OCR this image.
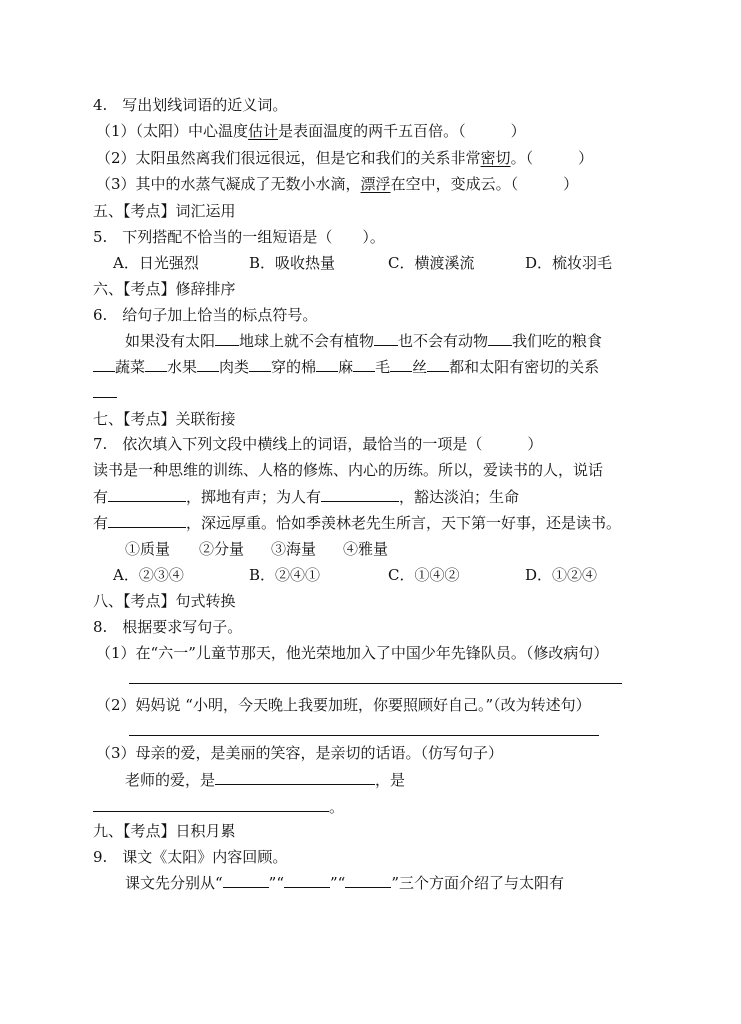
4.　写出划线词语的近义词。
（1）（太阳）中心温度估计是表面温度的两千五百倍。（　　　）
（2）太阳虽然离我们很远很远，但是它和我们的关系非常密切。（　　　）
（3）其中的水蒸气凝成了无数小水滴，漂浮在空中，变成云。（　　　）
五、【考点】词汇运用
5.　下列搭配不恰当的一组短语是（　　）。
A．日光强烈	B．吸收热量	C．横渡溪流	D．梳妆羽毛
六、【考点】修辞排序
6.　给句子加上恰当的标点符号。
如果没有太阳 地球上就不会有植物 也不会有动物 我们吃的粮食
蔬菜 水果 肉类 穿的棉 麻 毛 丝 都和太阳有密切的关系
七、【考点】关联衔接
7.　依次填入下列文段中横线上的词语，最恰当的一项是（　　　）
读书是一种思维的训练、人格的修炼、内心的历练。所以，爱读书的人，说话
有	，掷地有声；为人有	，豁达淡泊；生命
有	，深远厚重。恰如季羡林老先生所言，天下第一好事，还是读书。
①质量 ②分量 ③海量 ④雅量
A．②③④	B．②④①	C．①④②	D．①②④
八、【考点】句式转换
8.　根据要求写句子。
（1）在“六一”儿童节那天，他光荣地加入了中国少年先锋队员。（修改病句）
（2）妈妈说 “小明，今天晚上我要加班，你要照顾好自己。”（改为转述句）
（3）母亲的爱，是美丽的笑容，是亲切的话语。（仿写句子）
老师的爱，是	，是
。
九、【考点】日积月累
9.　课文《太阳》内容回顾。
课文先分别从“	”“	”“	”三个方面介绍了与太阳有
